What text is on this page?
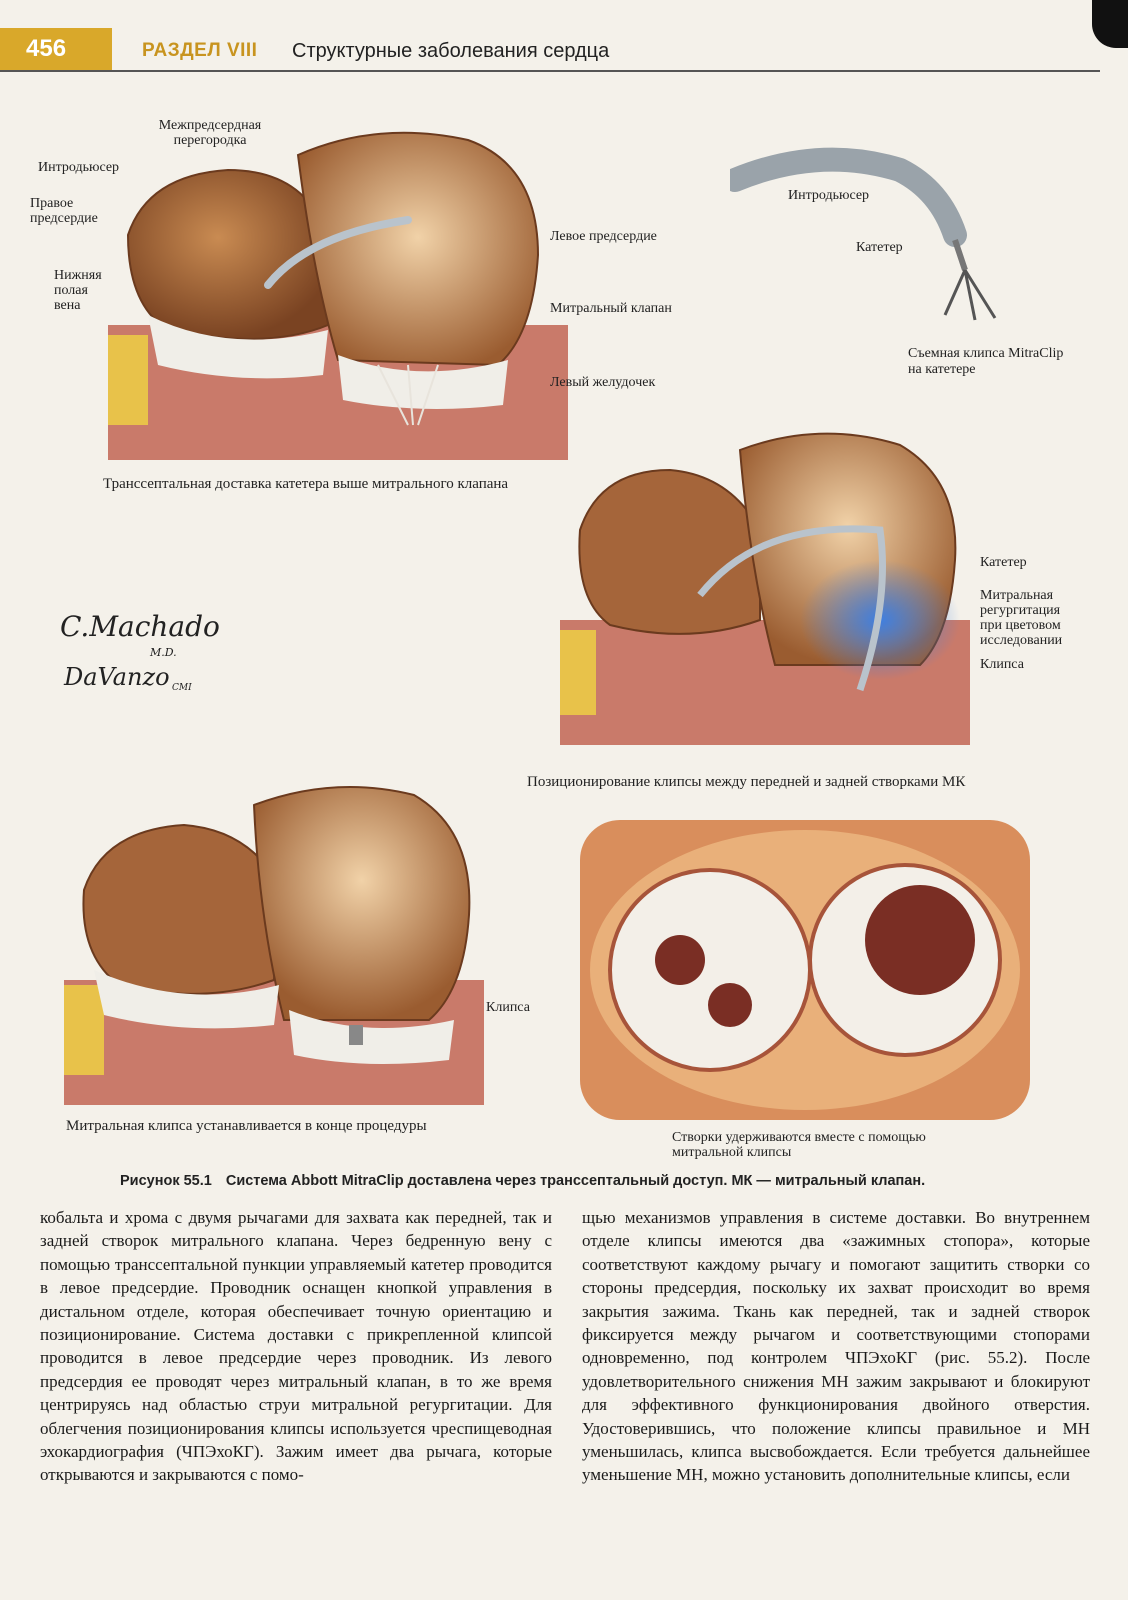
456	РАЗДЕЛ VIII Структурные заболевания сердца
Межпредсердная перегородка
Интродьюсер
Правое предсердие
Нижняя полая вена
Левое предсердие
Митральный клапан
Левый желудочек
Транссептальная доставка катетера выше митрального клапана
Интродьюсер
Катетер
Съемная клипса MitraClip
на катетере
Катетер
Митральная
регургитация
при цветовом
исследовании
Клипса
Позиционирование клипсы между передней и задней створками МК
C.Machado
M.D.
DaVanzo CMI
Клипса
Митральная клипса устанавливается в конце процедуры
Створки удерживаются вместе с помощью
митральной клипсы
Рисунок 55.1 Система Abbott MitraClip доставлена через транссептальный доступ. МК — митральный клапан.

кобальта и хрома с двумя рычагами для захвата как передней, так и задней створок митрального клапана. Через бедренную вену с помощью транссептальной пункции управляемый катетер проводится в левое предсердие. Проводник оснащен кнопкой управления в дистальном отделе, которая обеспечивает точную ориентацию и позиционирование. Система доставки с прикрепленной клипсой проводится в левое предсердие через проводник. Из левого предсердия ее проводят через митральный клапан, в то же время центрируясь над областью струи митральной регургитации. Для облегчения позиционирования клипсы используется чреспищеводная эхокардиография (ЧПЭхоКГ). Зажим имеет два рычага, которые открываются и закрываются с помо-

щью механизмов управления в системе доставки. Во внутреннем отделе клипсы имеются два «зажимных стопора», которые соответствуют каждому рычагу и помогают защитить створки со стороны предсердия, поскольку их захват происходит во время закрытия зажима. Ткань как передней, так и задней створок фиксируется между рычагом и соответствующими стопорами одновременно, под контролем ЧПЭхоКГ (рис. 55.2). После удовлетворительного снижения МН зажим закрывают и блокируют для эффективного функционирования двойного отверстия. Удостоверившись, что положение клипсы правильное и МН уменьшилась, клипса высвобождается. Если требуется дальнейшее уменьшение МН, можно установить дополнительные клипсы, если
